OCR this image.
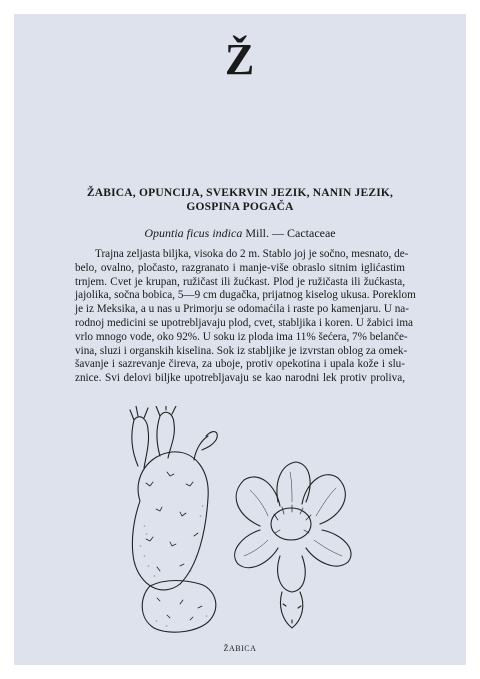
Ž
ŽABICA, OPUNCIJA, SVEKRVIN JEZIK, NANIN JEZIK,
GOSPINA POGAČA
Opuntia ficus indica Mill. — Cactaceae
Trajna zeljasta biljka, visoka do 2 m. Stablo joj je sočno, mesnato, de-
belo, ovalno, pločasto, razgranato i manje-više obraslo sitnim iglićastim
trnjem. Cvet je krupan, ružičast ili žućkast. Plod je ružičasta ili žućkasta,
jajolika, sočna bobica, 5—9 cm dugačka, prijatnog kiselog ukusa. Poreklom
je iz Meksika, a u nas u Primorju se odomaćila i raste po kamenjaru. U na-
rodnoj medicini se upotrebljavaju plod, cvet, stabljika i koren. U žabici ima
vrlo mnogo vode, oko 92%. U soku iz ploda ima 11% šećera, 7% belanče-
vina, sluzi i organskih kiselina. Sok iz stabljike je izvrstan oblog za omek-
šavanje i sazrevanje čireva, za uboje, protiv opekotina i upala kože i slu-
znice. Svi delovi biljke upotrebljavaju se kao narodni lek protiv proliva,
ŽABICA
